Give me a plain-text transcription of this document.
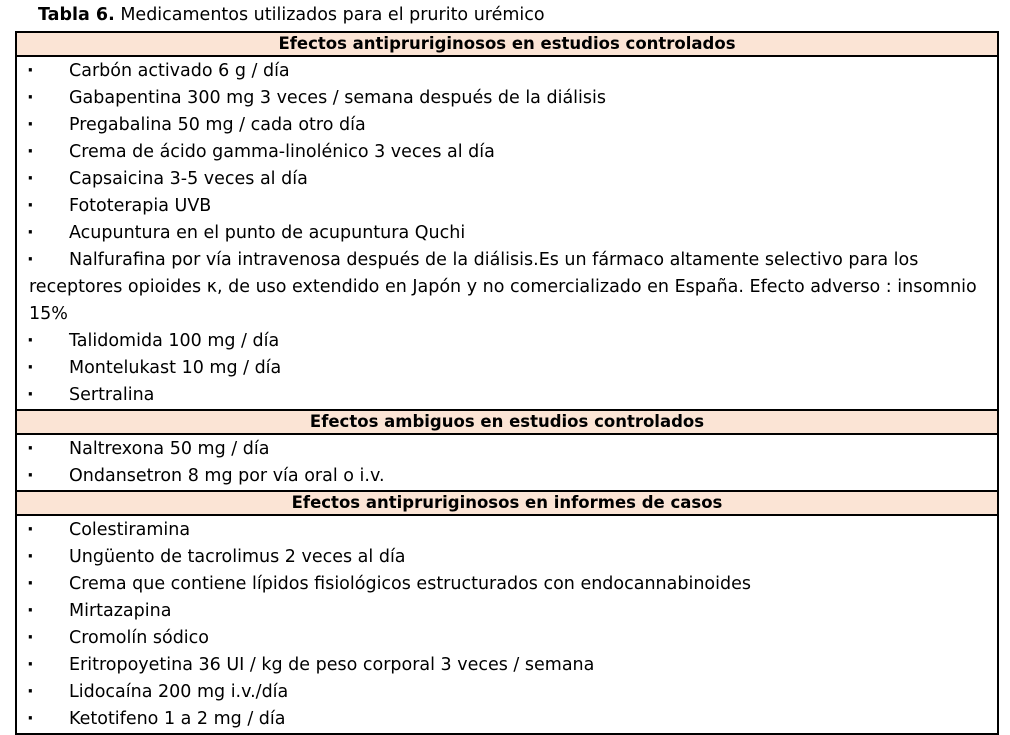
Tabla 6. Medicamentos utilizados para el prurito urémico
Efectos antipruriginosos en estudios controlados
· Carbón activado 6 g / día
· Gabapentina 300 mg 3 veces / semana después de la diálisis
· Pregabalina 50 mg / cada otro día
· Crema de ácido gamma-linolénico 3 veces al día
· Capsaicina 3-5 veces al día
· Fototerapia UVB
· Acupuntura en el punto de acupuntura Quchi
·	Nalfurafina por vía intravenosa después de la diálisis.Es un fármaco altamente selectivo para los receptores opioides κ, de uso extendido en Japón y no comercializado en España. Efecto adverso : insomnio 15%
· Talidomida 100 mg / día
· Montelukast 10 mg / día
· Sertralina
Efectos ambiguos en estudios controlados
· Naltrexona 50 mg / día
· Ondansetron 8 mg por vía oral o i.v.
Efectos antipruriginosos en informes de casos
· Colestiramina
· Ungüento de tacrolimus 2 veces al día
· Crema que contiene lípidos fisiológicos estructurados con endocannabinoides
· Mirtazapina
· Cromolín sódico
· Eritropoyetina 36 UI / kg de peso corporal 3 veces / semana
· Lidocaína 200 mg i.v./día
· Ketotifeno 1 a 2 mg / día
